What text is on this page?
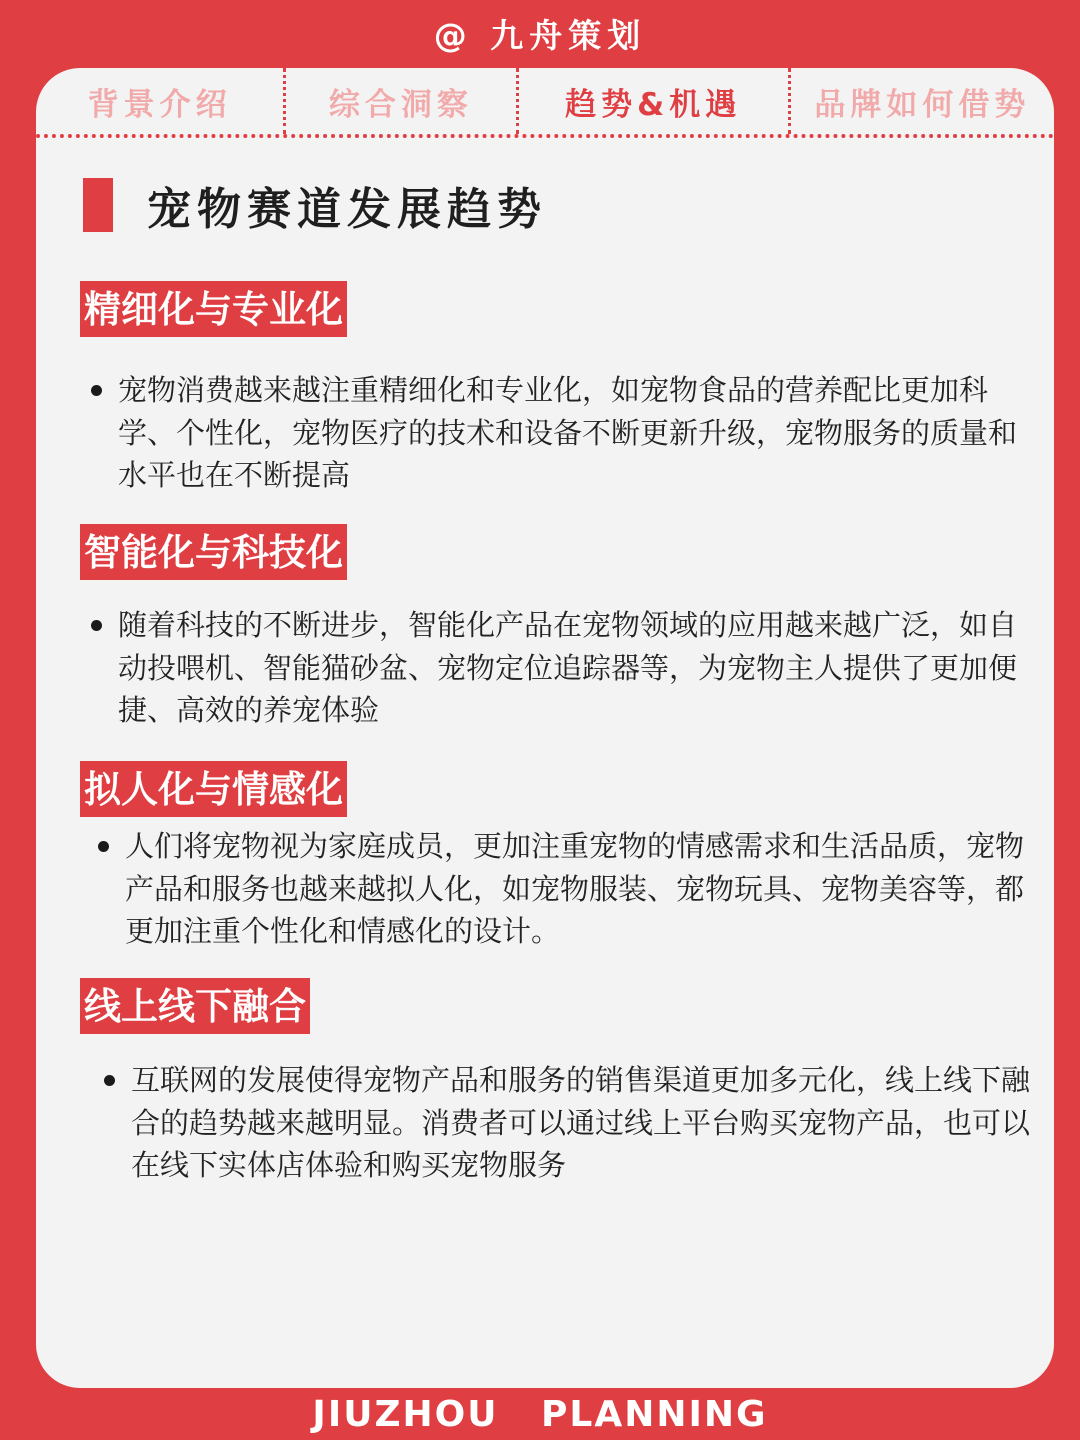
@ 九舟策划
背景介绍	综合洞察	趋势&机遇	品牌如何借势
宠物赛道发展趋势
精细化与专业化
宠物消费越来越注重精细化和专业化，如宠物食品的营养配比更加科学、个性化，宠物医疗的技术和设备不断更新升级，宠物服务的质量和水平也在不断提高
智能化与科技化
随着科技的不断进步，智能化产品在宠物领域的应用越来越广泛，如自动投喂机、智能猫砂盆、宠物定位追踪器等，为宠物主人提供了更加便捷、高效的养宠体验
拟人化与情感化
人们将宠物视为家庭成员，更加注重宠物的情感需求和生活品质，宠物产品和服务也越来越拟人化，如宠物服装、宠物玩具、宠物美容等，都更加注重个性化和情感化的设计。
线上线下融合
互联网的发展使得宠物产品和服务的销售渠道更加多元化，线上线下融合的趋势越来越明显。消费者可以通过线上平台购买宠物产品，也可以在线下实体店体验和购买宠物服务
JIUZHOU PLANNING
